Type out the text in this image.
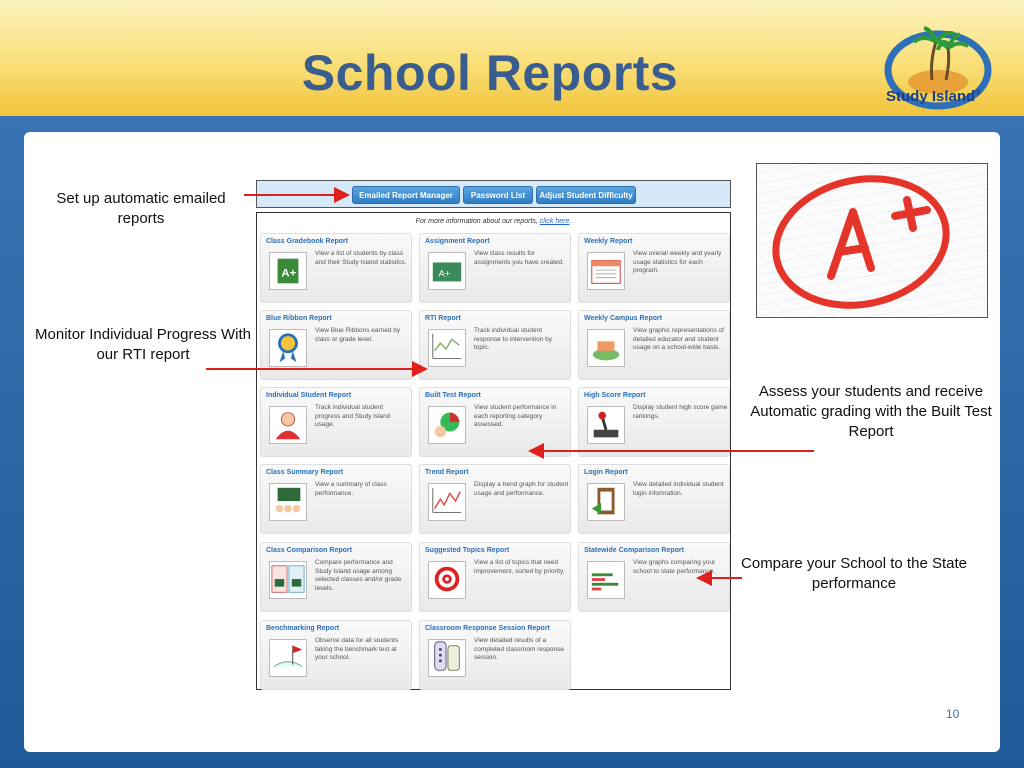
School Reports	Study Island®
Set up automatic emailed reports
Monitor Individual Progress With our RTI report
Assess your students and receive Automatic grading with the Built Test Report
Compare your School to the State performance
Emailed Report Manager	Password List	Adjust Student Difficulty
For more information about our reports, click here.
Class Gradebook Report
A+
View a list of students by class and their Study Island statistics.
Assignment Report
A+
View class results for assignments you have created.
Weekly Report
View overall weekly and yearly usage statistics for each program.
Blue Ribbon Report
View Blue Ribbons earned by class or grade level.
RTI Report
Track individual student response to intervention by topic.
Weekly Campus Report
View graphic representations of detailed educator and student usage on a school-wide basis.
Individual Student Report
Track individual student progress and Study Island usage.
Built Test Report
View student performance in each reporting category assessed.
High Score Report
Display student high score game rankings.
Class Summary Report
View a summary of class performance.
Trend Report
Display a trend graph for student usage and performance.
Login Report
View detailed individual student login information.
Class Comparison Report
Compare performance and Study Island usage among selected classes and/or grade levels.
Suggested Topics Report
View a list of topics that need improvement, sorted by priority.
Statewide Comparison Report
View graphs comparing your school to state performance.
Benchmarking Report
Observe data for all students taking the benchmark test at your school.
Classroom Response Session Report
View detailed results of a completed classroom response session.
10
